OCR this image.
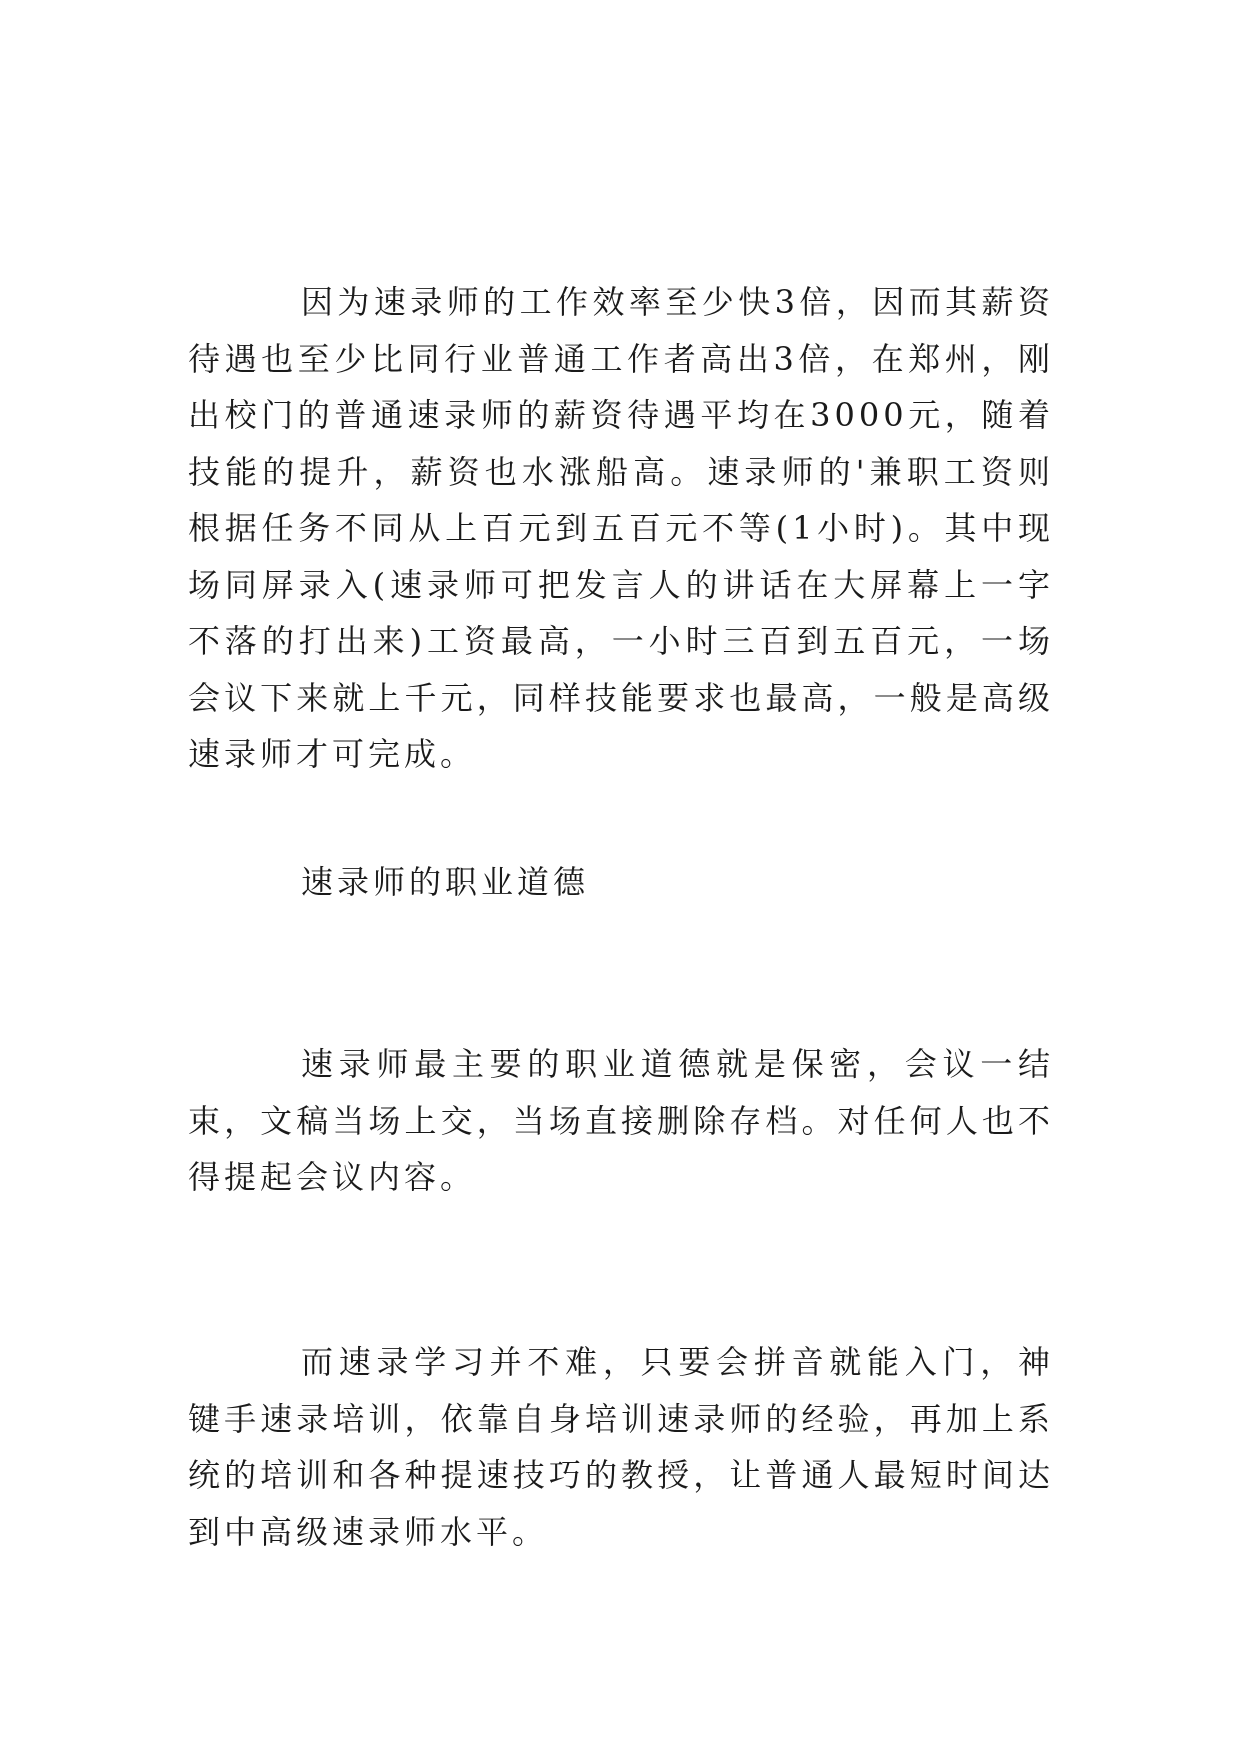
因为速录师的工作效率至少快3倍，因而其薪资待遇也至少比同行业普通工作者高出3倍，在郑州，刚出校门的普通速录师的薪资待遇平均在3000元，随着技能的提升，薪资也水涨船高。速录师的'兼职工资则根据任务不同从上百元到五百元不等(1小时)。其中现场同屏录入(速录师可把发言人的讲话在大屏幕上一字不落的打出来)工资最高，一小时三百到五百元，一场会议下来就上千元，同样技能要求也最高，一般是高级速录师才可完成。

速录师的职业道德

速录师最主要的职业道德就是保密，会议一结束，文稿当场上交，当场直接删除存档。对任何人也不得提起会议内容。

而速录学习并不难，只要会拼音就能入门，神键手速录培训，依靠自身培训速录师的经验，再加上系统的培训和各种提速技巧的教授，让普通人最短时间达到中高级速录师水平。
